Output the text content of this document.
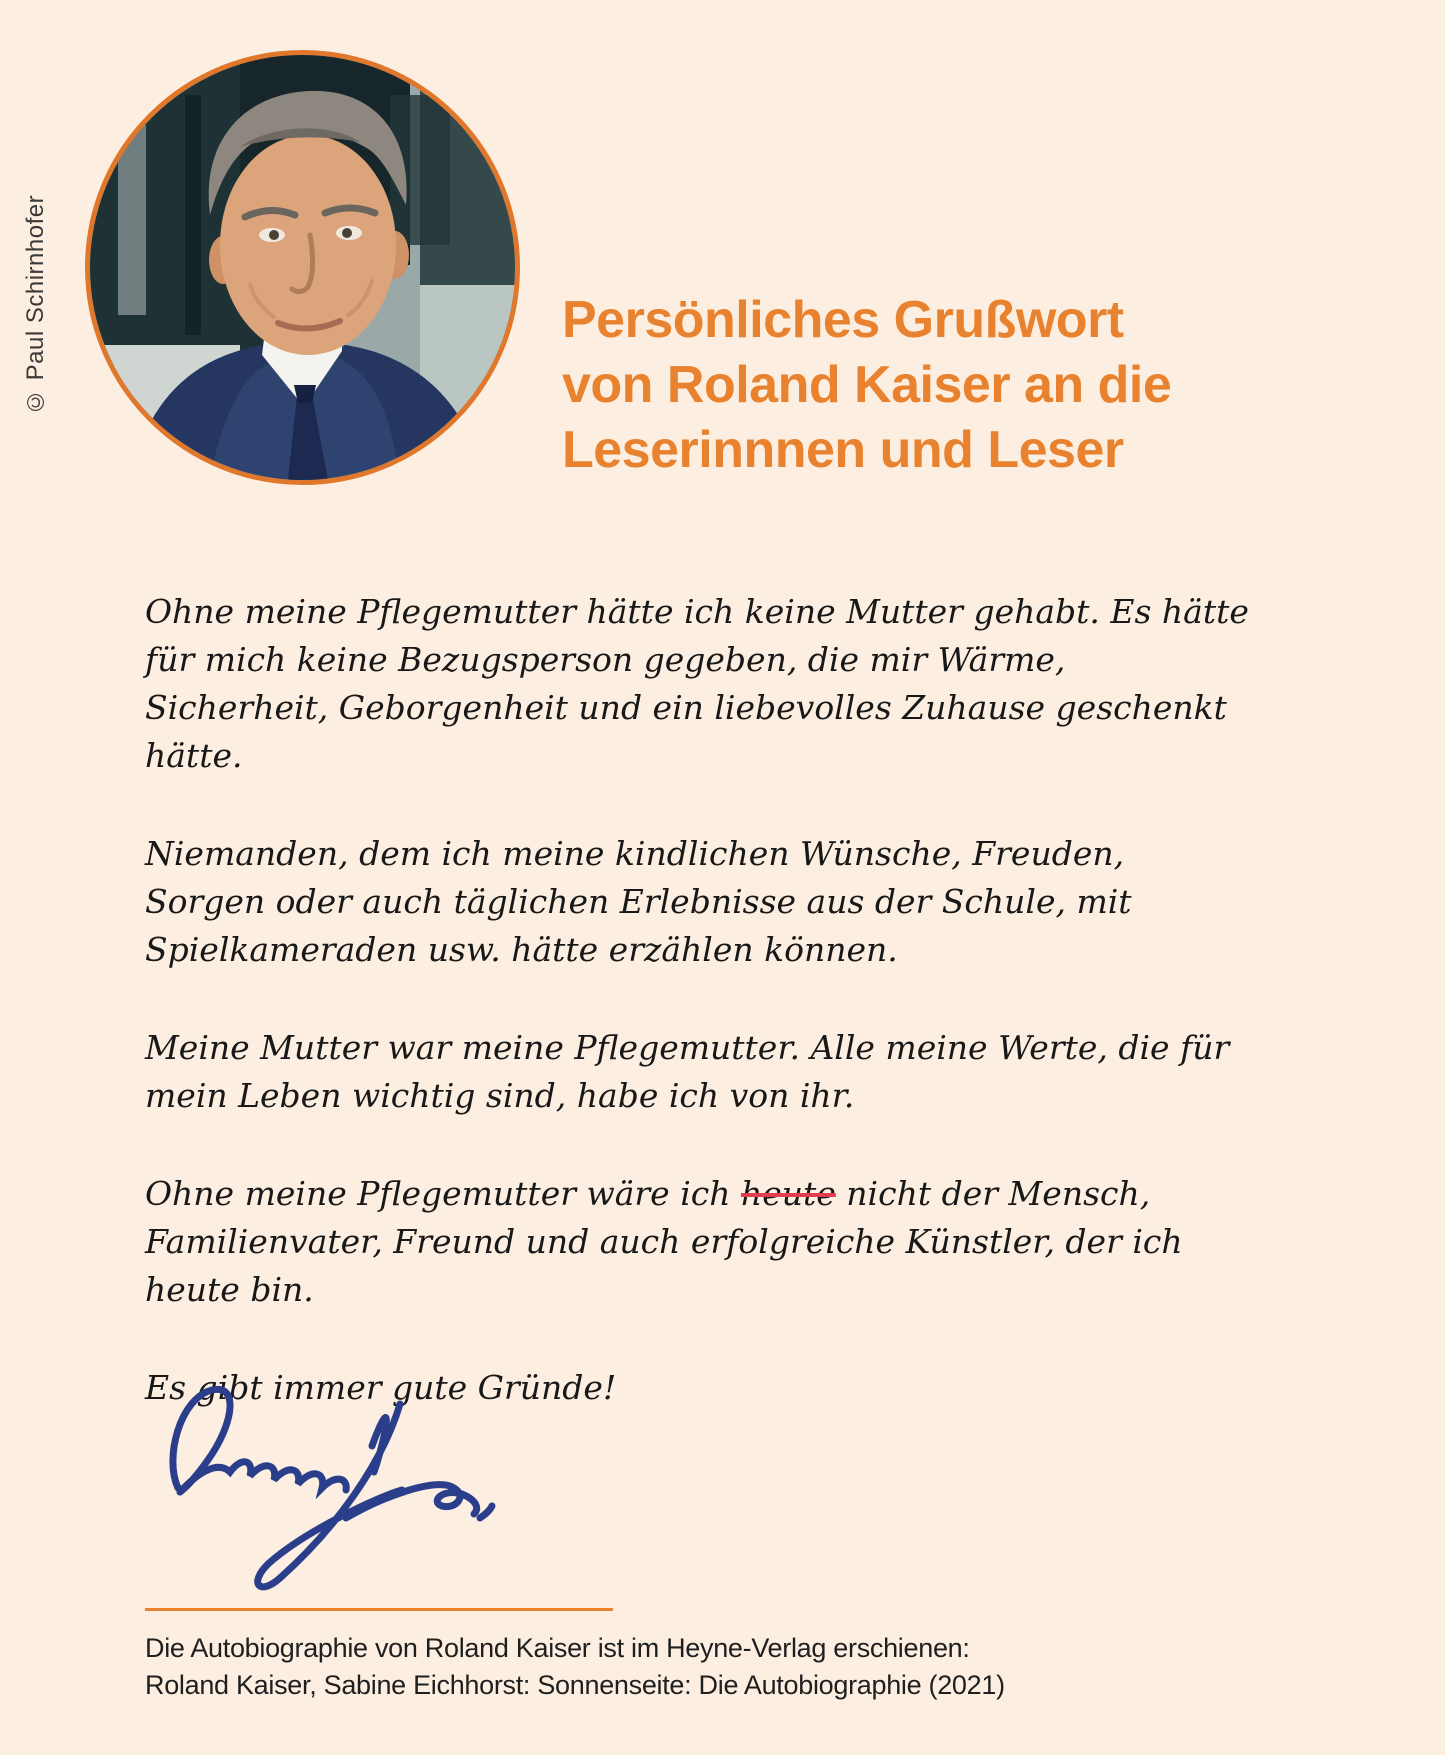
© Paul Schirnhofer	Persönliches Grußwort
von Roland Kaiser an die
Leserinnnen und Leser

Ohne meine Pflegemutter hätte ich keine Mutter gehabt. Es hätte für mich keine Bezugsperson gegeben, die mir Wärme, Sicherheit, Geborgenheit und ein liebevolles Zuhause geschenkt hätte.

Niemanden, dem ich meine kindlichen Wünsche, Freuden, Sorgen oder auch täglichen Erlebnisse aus der Schule, mit Spielkameraden usw. hätte erzählen können.

Meine Mutter war meine Pflegemutter. Alle meine Werte, die für mein Leben wichtig sind, habe ich von ihr.

Ohne meine Pflegemutter wäre ich heute nicht der Mensch, Familienvater, Freund und auch erfolgreiche Künstler, der ich heute bin.

Es gibt immer gute Gründe!

Die Autobiographie von Roland Kaiser ist im Heyne-Verlag erschienen:
Roland Kaiser, Sabine Eichhorst: Sonnenseite: Die Autobiographie (2021)
